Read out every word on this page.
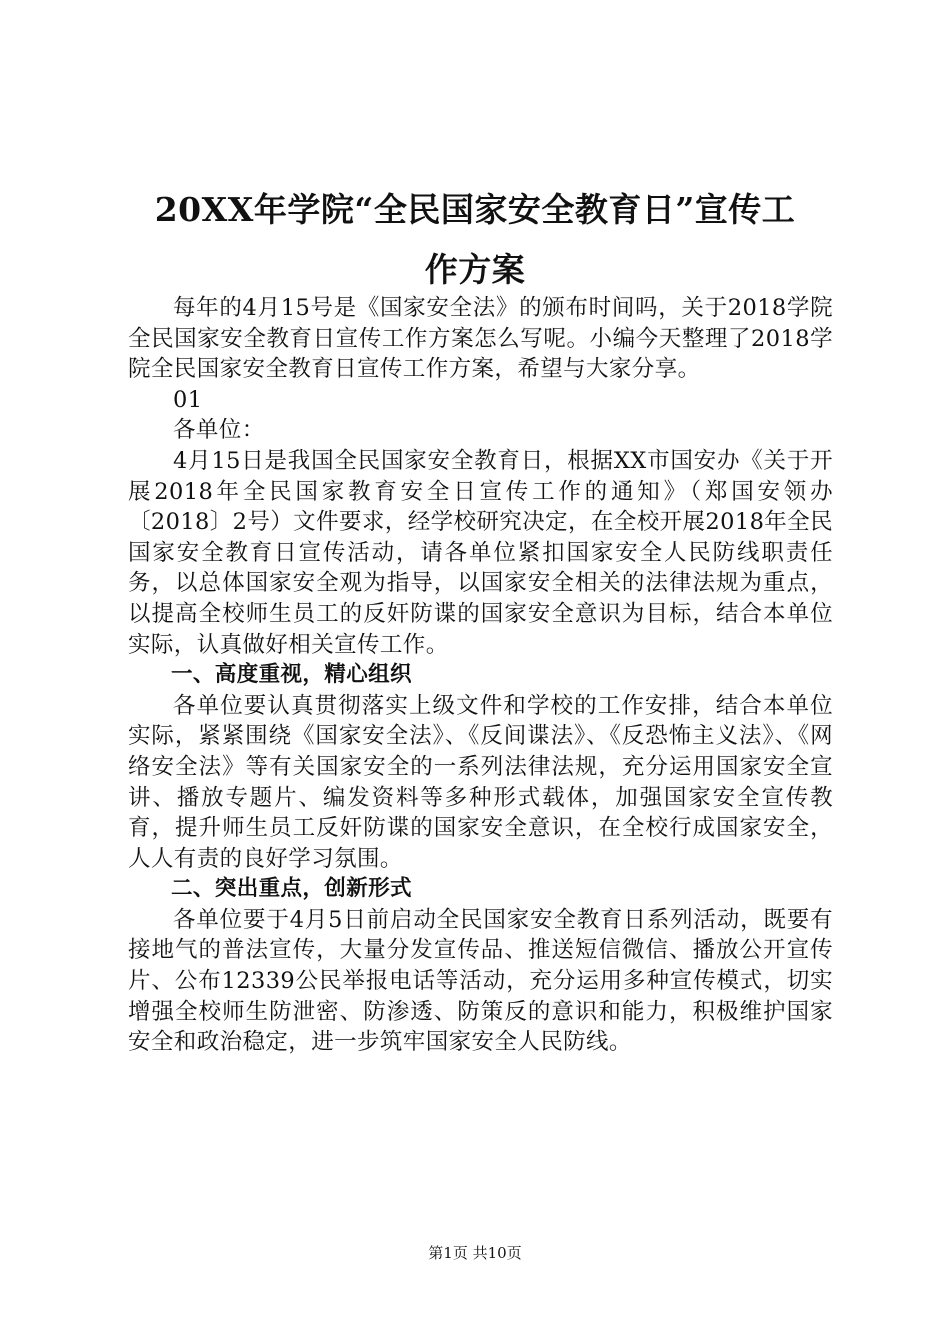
20XX年学院“全民国家安全教育日”宣传工
作方案

每年的4月15号是《国家安全法》的颁布时间吗，关于2018学院全民国家安全教育日宣传工作方案怎么写呢。小编今天整理了2018学院全民国家安全教育日宣传工作方案，希望与大家分享。

01

各单位：

4月15日是我国全民国家安全教育日，根据XX市国安办《关于开展2018年全民国家教育安全日宣传工作的通知》（郑国安领办〔2018〕2号）文件要求，经学校研究决定，在全校开展2018年全民国家安全教育日宣传活动，请各单位紧扣国家安全人民防线职责任务，以总体国家安全观为指导，以国家安全相关的法律法规为重点，以提高全校师生员工的反奸防谍的国家安全意识为目标，结合本单位实际，认真做好相关宣传工作。

一、高度重视，精心组织

各单位要认真贯彻落实上级文件和学校的工作安排，结合本单位实际，紧紧围绕《国家安全法》、《反间谍法》、《反恐怖主义法》、《网络安全法》等有关国家安全的一系列法律法规，充分运用国家安全宣讲、播放专题片、编发资料等多种形式载体，加强国家安全宣传教育，提升师生员工反奸防谍的国家安全意识，在全校行成国家安全，人人有责的良好学习氛围。

二、突出重点，创新形式

各单位要于4月5日前启动全民国家安全教育日系列活动，既要有接地气的普法宣传，大量分发宣传品、推送短信微信、播放公开宣传片、公布12339公民举报电话等活动，充分运用多种宣传模式，切实增强全校师生防泄密、防渗透、防策反的意识和能力，积极维护国家安全和政治稳定，进一步筑牢国家安全人民防线。

第1页 共10页
